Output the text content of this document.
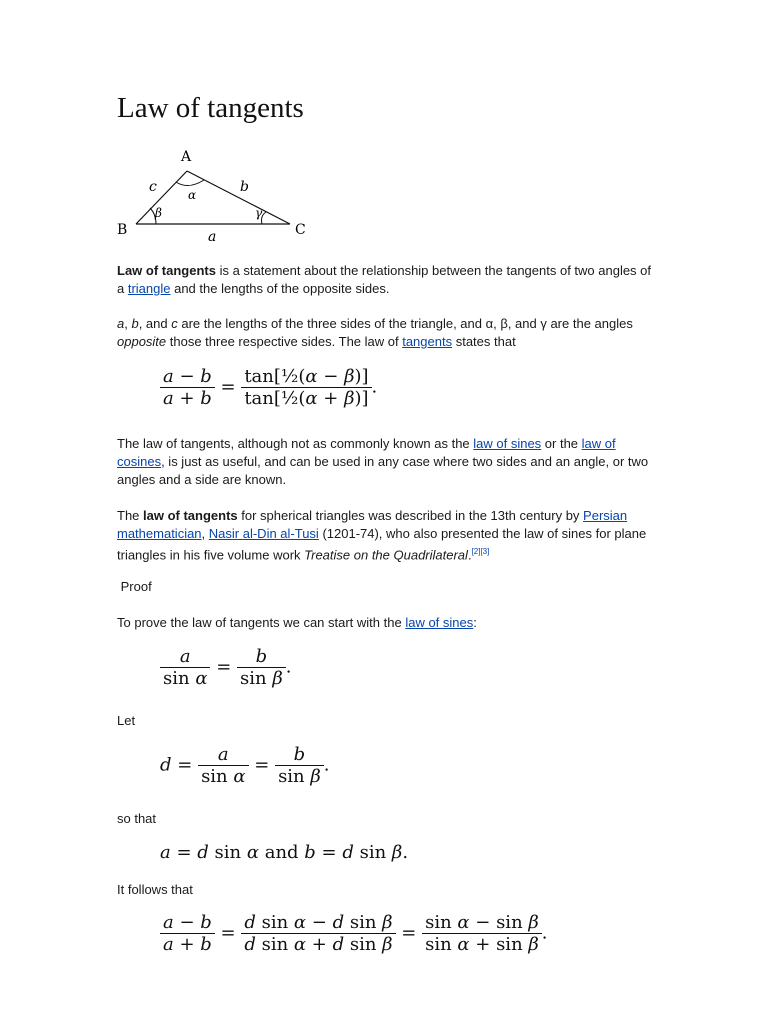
Law of tangents
A
B	C
a
b
c	α
β	γ
Law of tangents is a statement about the relationship between the tangents of two angles of a triangle and the lengths of the opposite sides.
a, b, and c are the lengths of the three sides of the triangle, and α, β, and γ are the angles opposite those three respective sides. The law of tangents states that
$\frac{a - b}{a + b} = \frac{\text{tan[½(α − β)]}}{\text{tan[½(α + β)]}}$ .
The law of tangents, although not as commonly known as the law of sines or the law of cosines, is just as useful, and can be used in any case where two sides and an angle, or two angles and a side are known.
The law of tangents for spherical triangles was described in the 13th century by Persian mathematician, Nasir al-Din al-Tusi (1201-74), who also presented the law of sines for plane triangles in his five volume work Treatise on the Quadrilateral.[2][3]
Proof
To prove the law of tangents we can start with the law of sines:
$\frac{a}{\text{sin α}} = \frac{b}{\text{sin β}}$ .
Let
$d = \frac{a}{\text{sin α}} = \frac{b}{\text{sin β}}$ .
so that
a = d sin α and b = d sin β.
It follows that
$\frac{a - b}{a + b} = \frac{\text{d sin α − d sin β}}{\text{d sin α + d sin β}} = \frac{\text{sin α − sin β}}{\text{sin α + sin β}}$ .
